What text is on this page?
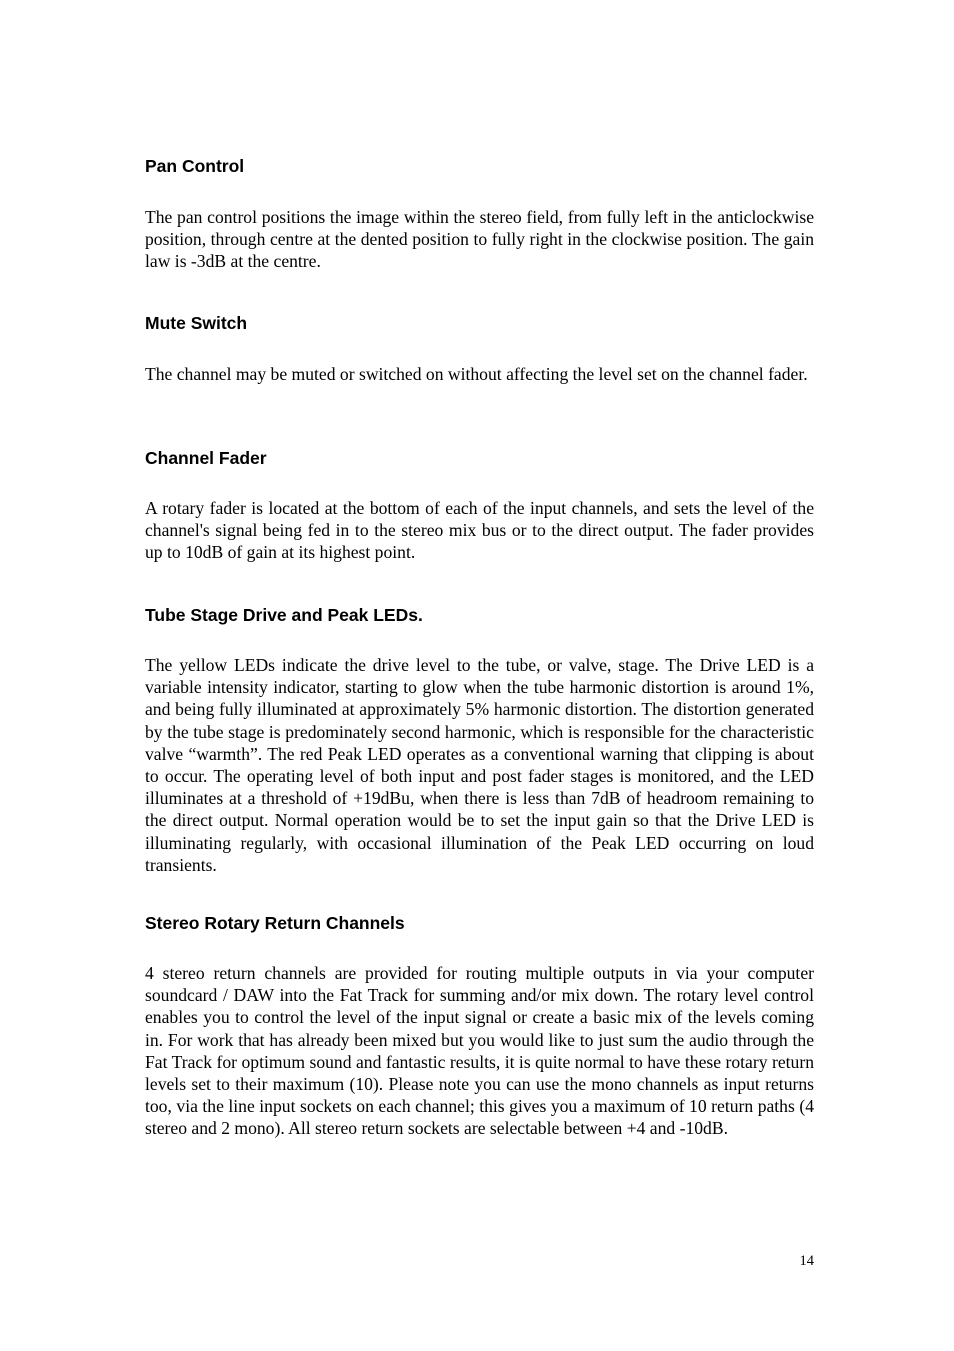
Pan Control

The pan control positions the image within the stereo field, from fully left in the anticlockwise position, through centre at the dented position to fully right in the clockwise position. The gain law is -3dB at the centre.

Mute Switch

The channel may be muted or switched on without affecting the level set on the channel fader.

Channel Fader

A rotary fader is located at the bottom of each of the input channels, and sets the level of the channel's signal being fed in to the stereo mix bus or to the direct output. The fader provides up to 10dB of gain at its highest point.

Tube Stage Drive and Peak LEDs.

The yellow LEDs indicate the drive level to the tube, or valve, stage. The Drive LED is a variable intensity indicator, starting to glow when the tube harmonic distortion is around 1%, and being fully illuminated at approximately 5% harmonic distortion. The distortion generated by the tube stage is predominately second harmonic, which is responsible for the characteristic valve “warmth”. The red Peak LED operates as a conventional warning that clipping is about to occur. The operating level of both input and post fader stages is monitored, and the LED illuminates at a threshold of +19dBu, when there is less than 7dB of headroom remaining to the direct output. Normal operation would be to set the input gain so that the Drive LED is illuminating regularly, with occasional illumination of the Peak LED occurring on loud transients.

Stereo Rotary Return Channels

4 stereo return channels are provided for routing multiple outputs in via your computer soundcard / DAW into the Fat Track for summing and/or mix down. The rotary level control enables you to control the level of the input signal or create a basic mix of the levels coming in. For work that has already been mixed but you would like to just sum the audio through the Fat Track for optimum sound and fantastic results, it is quite normal to have these rotary return levels set to their maximum (10). Please note you can use the mono channels as input returns too, via the line input sockets on each channel; this gives you a maximum of 10 return paths (4 stereo and 2 mono). All stereo return sockets are selectable between +4 and -10dB.

14
